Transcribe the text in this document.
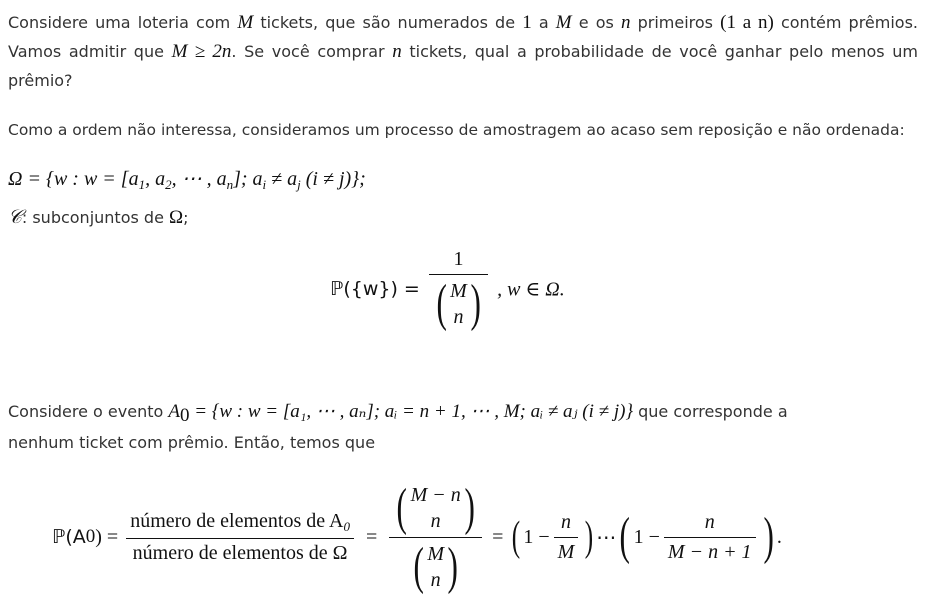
Considere uma loteria com M tickets, que são numerados de 1 a M e os n primeiros (1 a n) contém prêmios. Vamos admitir que M ≥ 2n. Se você comprar n tickets, qual a probabilidade de você ganhar pelo menos um prêmio?
Como a ordem não interessa, consideramos um processo de amostragem ao acaso sem reposição e não ordenada:
Ω = {w : $w = [a_1$, $a_2$, ⋯ , $a_n$]; $a_i \ne a_j$ (i ≠ j)};
𝒞: subconjuntos de Ω;
ℙ({w}) = 1
( M
n ) , w ∈ Ω.
Considere o evento $A_0 = \{w$ : w = [a₁, ⋯ , aₙ]; aᵢ = n + 1, ⋯ , M; aᵢ ≠ aⱼ (i ≠ j)} que corresponde a
nenhum ticket com prêmio. Então, temos que
ℙ(A 0 ) = $\frac{número de elementos de A_0}{\text{número de elementos de Ω}}$ = ( M − n
n )
( M
n ) = ( $1 - \frac{n}{M}$ ) ⋯ ( $1 - \frac{n}{M - n + 1}$ ) .
